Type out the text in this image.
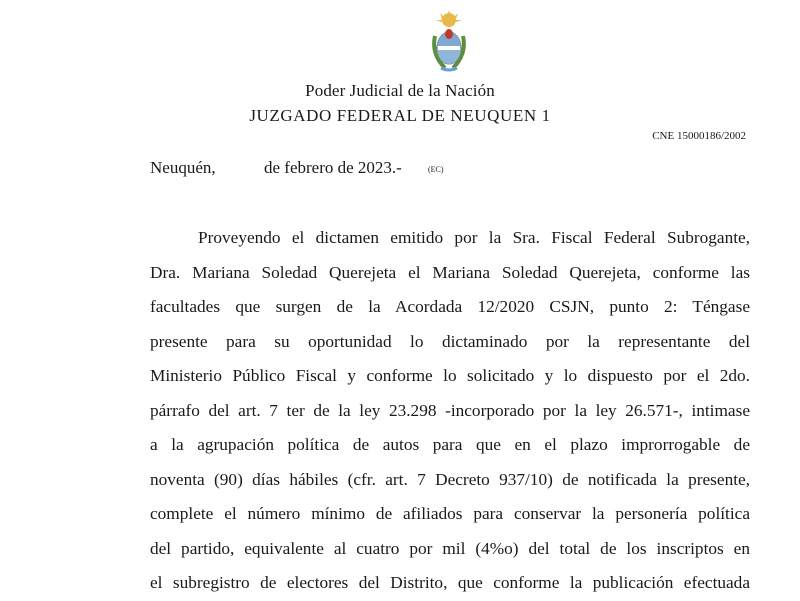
Poder Judicial de la Nación
JUZGADO FEDERAL DE NEUQUEN 1
CNE 15000186/2002
Neuquén,	de febrero de 2023.-	(EC)
Proveyendo el dictamen emitido por la Sra. Fiscal Federal Subrogante,
Dra. Mariana Soledad Querejeta el Mariana Soledad Querejeta, conforme las
facultades que surgen de la Acordada 12/2020 CSJN, punto 2: Téngase
presente para su oportunidad lo dictaminado por la representante del
Ministerio Público Fiscal y conforme lo solicitado y lo dispuesto por el 2do.
párrafo del art. 7 ter de la ley 23.298 -incorporado por la ley 26.571-, intimase
a la agrupación política de autos para que en el plazo improrrogable de
noventa (90) días hábiles (cfr. art. 7 Decreto 937/10) de notificada la presente,
complete el número mínimo de afiliados para conservar la personería política
del partido, equivalente al cuatro por mil (4%o) del total de los inscriptos en
el subregistro de electores del Distrito, que conforme la publicación efectuada
